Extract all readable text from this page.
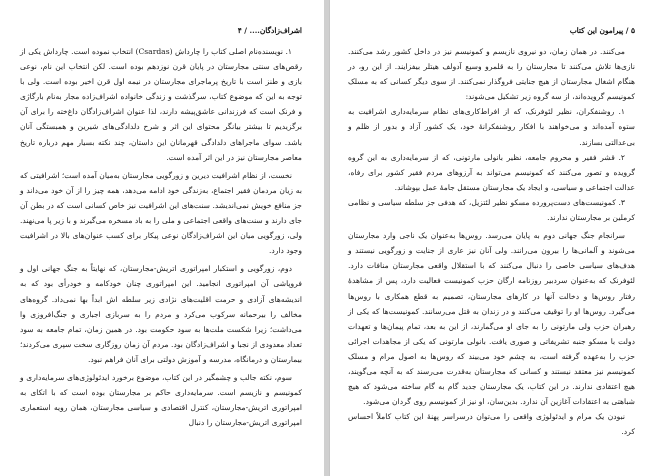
اشراف‌زادگان.... / ۴

۱. نویسنده‌نام اصلی کتاب را چارداش (Csardas) انتخاب نموده است. چارداش یکی از رقص‌های سنتی مجارستان در پایان قرن نوزدهم بوده است. لکن انتخاب این نام، نوعی بازی و طنز است با تاریخ پرماجرای مجارستان در نیمه اول قرن اخیر بوده است. ولی با توجه به این که موضوع کتاب، سرگذشت و زندگی خانواده اشراف‌زاده مجار به‌نام بارگاژی و فرنک است که فرزندانی عاشق‌پیشه دارند، لذا عنوان اشراف‌زادگان داغ‌خته را برای آن برگزیدیم تا بیشتر بیانگر محتوای این اثر و شرح دلدادگی‌های شیرین و همبستگی آنان باشد. سوای ماجراهای دلدادگی قهرمانان این داستان، چند نکته بسیار مهم درباره تاریخ معاصر مجارستان نیز در این اثر آمده است.

نخست، از نظام اشرافیت دیرین و زورگویی مجارستان به‌میان آمده است؛ اشرافیتی که به زیان مردمان فقیر اجتماع، به‌زندگی خود ادامه می‌دهد، همه چیز را از آن خود می‌داند و جز منافع خویش نمی‌اندیشد. سنت‌های این اشرافیت نیز خاص کسانی است که در بطن آن جای دارند و سنت‌های واقعی اجتماعی و ملی را به باد مسخره می‌گیرند و با زیر پا می‌نهند. ولی، زورگویی میان این اشراف‌زادگان نوعی پیکار برای کسب عنوان‌های بالا در اشرافیت وجود دارد.

دوم، زورگویی و استکبار امپراتوری اتریش-مجارستان، که نهایتاً به جنگ جهانی اول و فروپاشی آن امپراتوری انجامید. این امپراتوری چنان خودکامه و خودرأی بود که به اندیشه‌های آزادی و حرمت اقلیت‌های نژادی زیر سلطه اش ابداً بها نمی‌داد. گروه‌های مخالف را بیرحمانه سرکوب می‌کرد و مردم را به سربازی اجباری و جنگ‌افروزی وا می‌داشت؛ زیرا شکست ملت‌ها به سود حکومت بود. در همین زمان، تمام جامعه به سود تعداد معدودی از نجبا و اشراف‌زادگان بود. مردم آن زمان روزگاری سخت سپری می‌کردند؛ بیمارستان و درمانگاه، مدرسه و آموزش دولتی برای آنان فراهم نبود.

سوم، نکته جالب و چشمگیر در این کتاب، موضوع برخورد ایدئولوژی‌های سرمایه‌داری و کمونیسم و نازیسم است. سرمایه‌داری حاکم بر مجارستان بوده است که با اتکای به امپراتوری اتریش-مجارستان، کنترل اقتصادی و سیاسی مجارستان، همان رویه استعماری امپراتوری اتریش-مجارستان را دنبال

۵ / پیرامون این کتاب

می‌کنند. در همان زمان، دو نیروی نازیسم و کمونیسم نیز در داخل کشور رشد می‌کنند. نازی‌ها تلاش می‌کنند تا مجارستان را به قلمرو وسیع آدولف هیتلر بیفزایند. از این رو، در هنگام اشغال مجارستان از هیچ جنایتی فروگذار نمی‌کنند. از سوی دیگر کسانی که به مسلک کمونیسم گرویده‌اند، از سه گروه زیر تشکیل می‌شوند:

۱. روشنفکران، نظیر لئوفرنک، که از افراط‌کاری‌های نظام سرمایه‌داری اشرافیت به ستوه آمده‌اند و می‌خواهند با افکار روشنفکرانهٔ خود، یک کشور آزاد و بدور از ظلم و بی‌عدالتی بسازند.

۲. قشر فقیر و محروم جامعه، نظیر بانولی مارتونی، که از سرمایه‌داری به این گروه گرویده و تصور می‌کنند که کمونیسم می‌تواند به آرزوهای مردم فقیر کشور برای رفاه، عدالت اجتماعی و سیاسی، و ایجاد یک مجارستان مستقل جامهٔ عمل بپوشاند.

۳. کمونیست‌های دست‌پرورده مسکو نظیر لئتزیل، که هدفی جز سلطه سیاسی و نظامی کرملین بر مجارستان ندارند.

سرانجام جنگ جهانی دوم به پایان می‌رسد. روس‌ها به‌عنوان یک ناجی وارد مجارستان می‌شوند و آلمانی‌ها را بیرون می‌رانند. ولی آنان نیز عاری از جنایت و زورگویی نیستند و هدف‌های سیاسی خاصی را دنبال می‌کنند که با استقلال واقعی مجارستان منافات دارد. لئوفرنک که به‌عنوان سردبیر روزنامه ارگان حزب کمونیست فعالیت دارد، پس از مشاهدهٔ رفتار روس‌ها و دخالت آنها در کارهای مجارستان، تصمیم به قطع همکاری با روس‌ها می‌گیرد. روس‌ها او را توقیف می‌کنند و در زندان به قتل می‌رسانند. کمونیست‌ها که یکی از رهبران حزب ولی مارتونی را به جای او می‌گمارند، از این به بعد، تمام پیمان‌ها و تعهدات دولت با مسکو جنبه تشریفاتی و صوری یافت. بانولی مارتونی که یکی از مجاهدات اجرائی حزب را به‌عهده گرفته است، به چشم خود می‌بیند که روس‌ها به اصول مرام و مسلک کمونیسم نیز معتقد نیستند و کسانی که مجارستان به‌قدرت می‌رسند که به آنچه می‌گویند، هیچ اعتقادی ندارند. در این کتاب، یک مجارستان جدید گام به گام ساخته می‌شود که هیچ شباهتی به اعتقادات آغازین آن ندارد. بدین‌سان، او نیز از کمونیسم روی گردان می‌شود.

نبودن یک مرام و ایدئولوژی واقعی را می‌توان درسراسر پهنهٔ این کتاب کاملاً احساس کرد.
